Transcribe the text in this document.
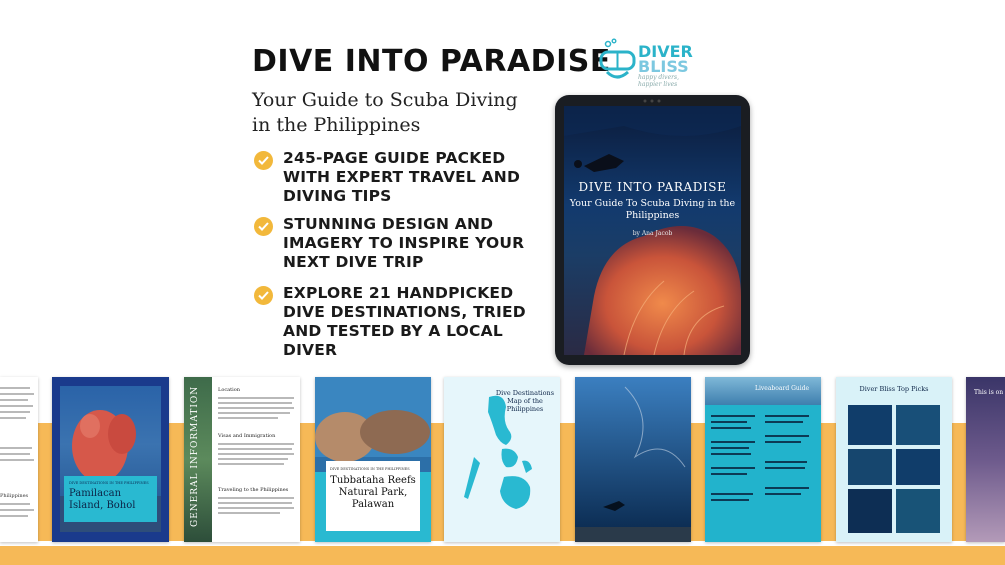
DIVE INTO PARADISE
Your Guide to Scuba Diving in the Philippines
DIVER
BLISS
happy divers, happier lives
245-PAGE GUIDE PACKED WITH EXPERT TRAVEL AND DIVING TIPS
STUNNING DESIGN AND IMAGERY TO INSPIRE YOUR NEXT DIVE TRIP
EXPLORE 21 HANDPICKED DIVE DESTINATIONS, TRIED AND TESTED BY A LOCAL DIVER
DIVE INTO PARADISE
Your Guide To Scuba Diving in the Philippines
by Ana Jacob
Philippines
DIVE DESTINATIONS IN THE PHILIPPINES
Pamilacan Island, Bohol	GENERAL INFORMATION	Location
Visas and Immigration
Traveling to the Philippines
DIVE DESTINATIONS IN THE PHILIPPINES
Tubbataha Reefs Natural Park, Palawan
Dive Destinations Map of the Philippines
Liveaboard Guide	Diver Bliss Top Picks	This is on
